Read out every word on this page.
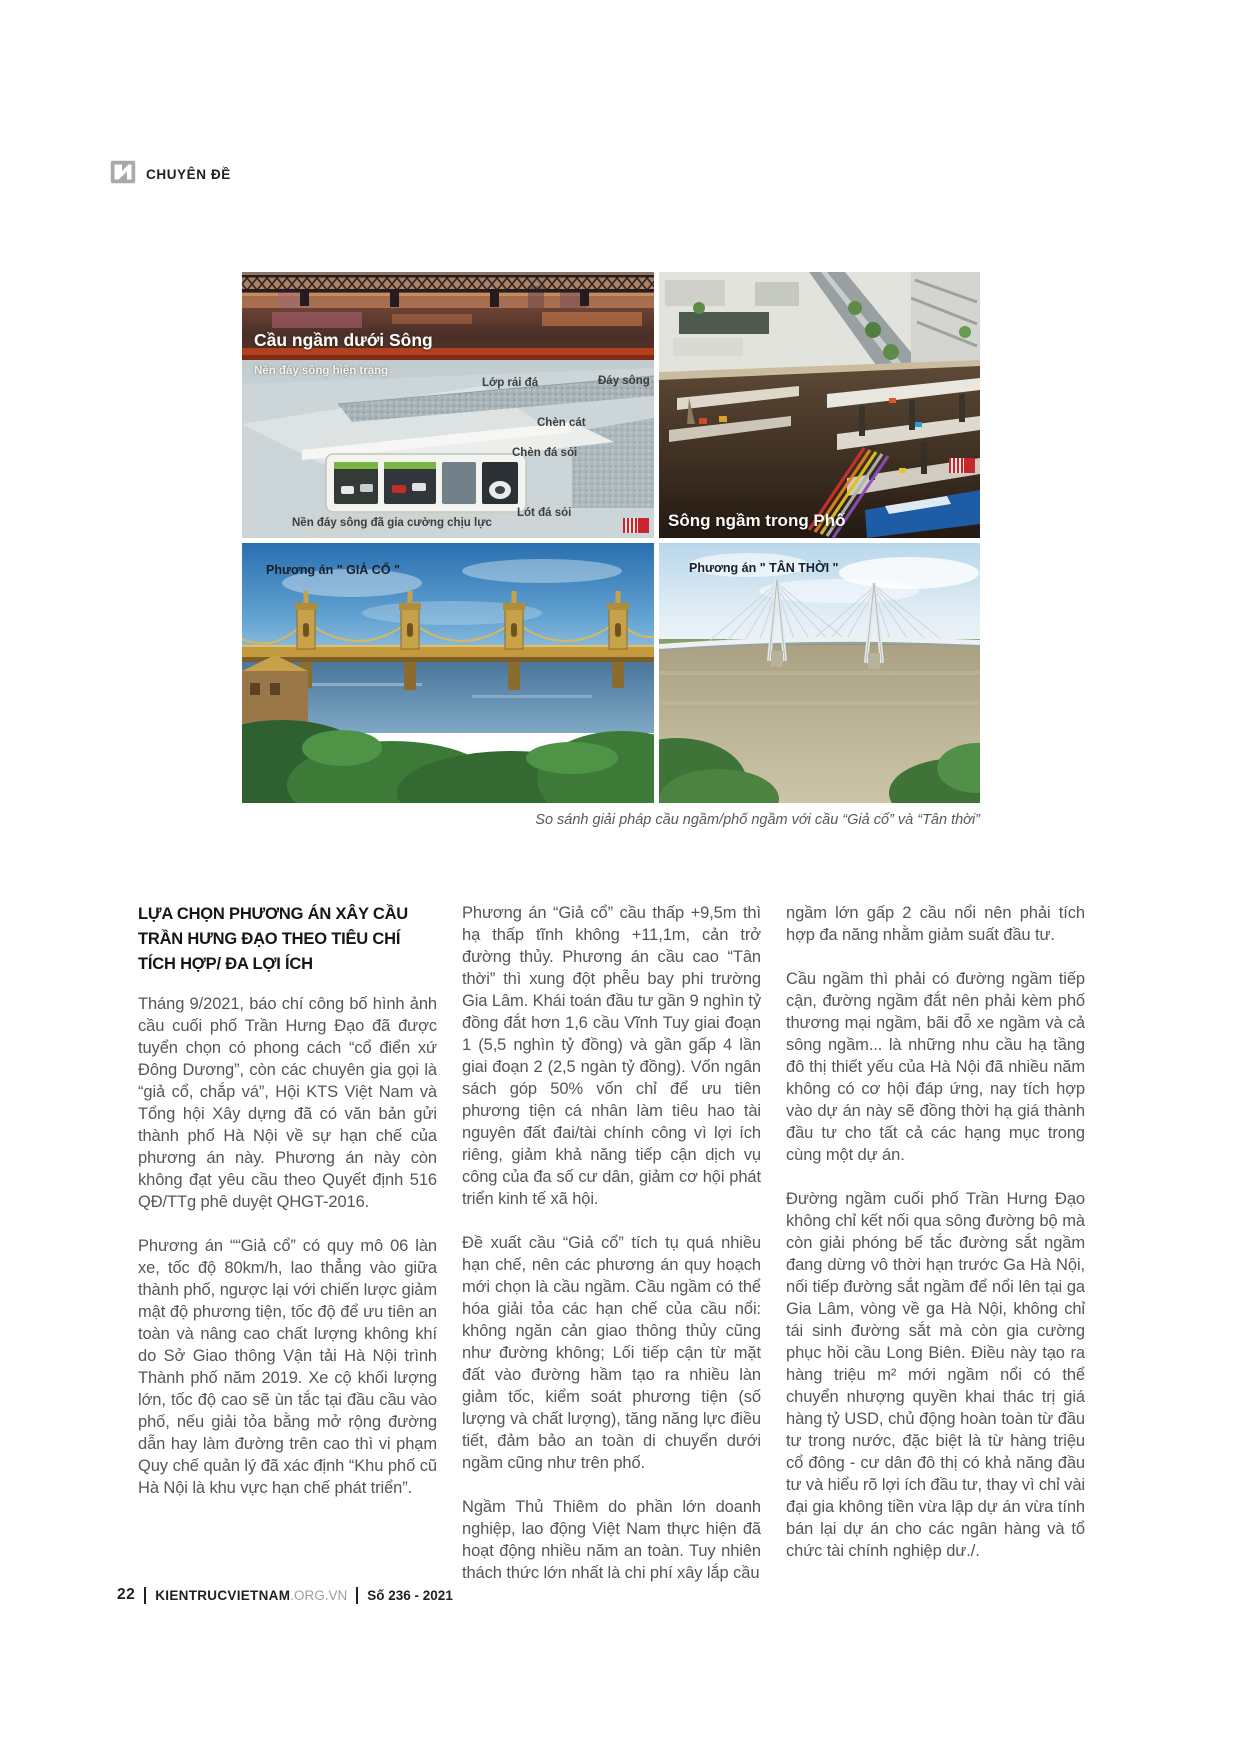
CHUYÊN ĐỀ
Cầu ngầm dưới Sông
Nền đáy sông hiện trạng
Lớp rải đá	Đáy sông
Chèn cát
Chèn đá sỏi
Lót đá sỏi
Nền đáy sông đã gia cường chịu lực	Sông ngầm trong Phố
Phương án " GIẢ CỔ "	Phương án " TÂN THỜI "
So sánh giải pháp cầu ngầm/phố ngầm với cầu “Giả cổ” và “Tân thời”
LỰA CHỌN PHƯƠNG ÁN XÂY CẦU TRẦN HƯNG ĐẠO THEO TIÊU CHÍ TÍCH HỢP/ ĐA LỢI ÍCH

Tháng 9/2021, báo chí công bố hình ảnh cầu cuối phố Trần Hưng Đạo đã được tuyển chọn có phong cách “cổ điển xứ Đông Dương”, còn các chuyên gia gọi là “giả cổ, chắp vá”, Hội KTS Việt Nam và Tổng hội Xây dựng đã có văn bản gửi thành phố Hà Nội về sự hạn chế của phương án này. Phương án này còn không đạt yêu cầu theo Quyết định 516 QĐ/TTg phê duyệt QHGT-2016.

Phương án ““Giả cổ” có quy mô 06 làn xe, tốc độ 80km/h, lao thẳng vào giữa thành phố, ngược lại với chiến lược giảm mật độ phương tiện, tốc độ để ưu tiên an toàn và nâng cao chất lượng không khí do Sở Giao thông Vận tải Hà Nội trình Thành phố năm 2019. Xe cộ khối lượng lớn, tốc độ cao sẽ ùn tắc tại đầu cầu vào phố, nếu giải tỏa bằng mở rộng đường dẫn hay làm đường trên cao thì vi phạm Quy chế quản lý đã xác định “Khu phố cũ Hà Nội là khu vực hạn chế phát triển”.

Phương án “Giả cổ” cầu thấp +9,5m thì hạ thấp tĩnh không +11,1m, cản trở đường thủy. Phương án cầu cao “Tân thời” thì xung đột phễu bay phi trường Gia Lâm. Khái toán đầu tư gần 9 nghìn tỷ đồng đắt hơn 1,6 cầu Vĩnh Tuy giai đoạn 1 (5,5 nghìn tỷ đồng) và gần gấp 4 lần giai đoạn 2 (2,5 ngàn tỷ đồng). Vốn ngân sách góp 50% vốn chỉ để ưu tiên phương tiện cá nhân làm tiêu hao tài nguyên đất đai/tài chính công vì lợi ích riêng, giảm khả năng tiếp cận dịch vụ công của đa số cư dân, giảm cơ hội phát triển kinh tế xã hội.

Đề xuất cầu “Giả cổ” tích tụ quá nhiều hạn chế, nên các phương án quy hoạch mới chọn là cầu ngầm. Cầu ngầm có thể hóa giải tỏa các hạn chế của cầu nổi: không ngăn cản giao thông thủy cũng như đường không; Lối tiếp cận từ mặt đất vào đường hầm tạo ra nhiều làn giảm tốc, kiểm soát phương tiện (số lượng và chất lượng), tăng năng lực điều tiết, đảm bảo an toàn di chuyển dưới ngầm cũng như trên phố.

Ngầm Thủ Thiêm do phần lớn doanh nghiệp, lao động Việt Nam thực hiện đã hoạt động nhiều năm an toàn. Tuy nhiên thách thức lớn nhất là chi phí xây lắp cầu

ngầm lớn gấp 2 cầu nổi nên phải tích hợp đa năng nhằm giảm suất đầu tư.

Cầu ngầm thì phải có đường ngầm tiếp cận, đường ngầm đắt nên phải kèm phố thương mại ngầm, bãi đỗ xe ngầm và cả sông ngầm... là những nhu cầu hạ tầng đô thị thiết yếu của Hà Nội đã nhiều năm không có cơ hội đáp ứng, nay tích hợp vào dự án này sẽ đồng thời hạ giá thành đầu tư cho tất cả các hạng mục trong cùng một dự án.

Đường ngầm cuối phố Trần Hưng Đạo không chỉ kết nối qua sông đường bộ mà còn giải phóng bế tắc đường sắt ngầm đang dừng vô thời hạn trước Ga Hà Nội, nối tiếp đường sắt ngầm để nổi lên tại ga Gia Lâm, vòng về ga Hà Nội, không chỉ tái sinh đường sắt mà còn gia cường phục hồi cầu Long Biên. Điều này tạo ra hàng triệu m² mới ngầm nổi có thể chuyển nhượng quyền khai thác trị giá hàng tỷ USD, chủ động hoàn toàn từ đầu tư trong nước, đặc biệt là từ hàng triệu cổ đông - cư dân đô thị có khả năng đầu tư và hiểu rõ lợi ích đầu tư, thay vì chỉ vài đại gia không tiền vừa lập dự án vừa tính bán lại dự án cho các ngân hàng và tổ chức tài chính nghiệp dư./.

22 KIENTRUCVIETNAM.ORG.VN Số 236 - 2021
